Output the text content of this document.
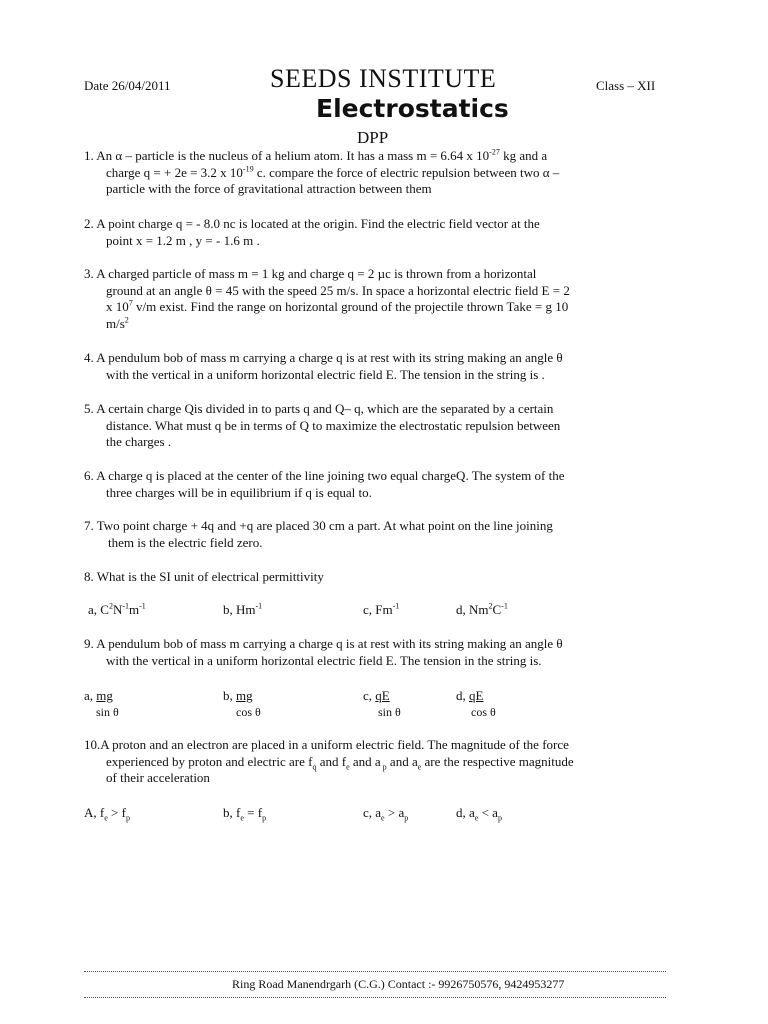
Date 26/04/2011	SEEDS INSTITUTE	Class – XII
Electrostatics
DPP
1. An α – particle is the nucleus of a helium atom. It has a mass m = 6.64 x $10^{-27}$ kg and a
charge q = + 2e = 3.2 x $10^{-19}$ c. compare the force of electric repulsion between two α –
particle with the force of gravitational attraction between them
2. A point charge q = - 8.0 nc is located at the origin. Find the electric field vector at the
point x = 1.2 m , y = - 1.6 m .
3. A charged particle of mass m = 1 kg and charge q = 2 µc is thrown from a horizontal
ground at an angle θ = 45 with the speed 25 m/s. In space a horizontal electric field E = 2
x $10^7$ v/m exist. Find the range on horizontal ground of the projectile thrown Take = g 10
$m/s^2$
4. A pendulum bob of mass m carrying a charge q is at rest with its string making an angle θ
with the vertical in a uniform horizontal electric field E. The tension in the string is .
5. A certain charge Qis divided in to parts q and Q– q, which are the separated by a certain
distance. What must q be in terms of Q to maximize the electrostatic repulsion between
the charges .
6. A charge q is placed at the center of the line joining two equal chargeQ. The system of the
three charges will be in equilibrium if q is equal to.
7. Two point charge + 4q and +q are placed 30 cm a part. At what point on the line joining
them is the electric field zero.
8. What is the SI unit of electrical permittivity
a, $C^2N^{-1}m^{-1}$	b, $Hm^{-1}$	c, $Fm^{-1}$	d, $Nm^2C^{-1}$
9. A pendulum bob of mass m carrying a charge q is at rest with its string making an angle θ
with the vertical in a uniform horizontal electric field E. The tension in the string is.
a, mg
sin θ
b, mg
cos θ
c, qE
sin θ
d, qE
cos θ
10.A proton and an electron are placed in a uniform electric field. The magnitude of the force
experienced by proton and electric are $f_q$ and $f_e$ and a $_p$ and $a_e$ are the respective magnitude
of their acceleration
A, $f_e > f_p$	b, $f_e = f_p$	c, $a_e > a_p$	d, $a_e < a_p$
Ring Road Manendrgarh (C.G.) Contact :- 9926750576, 9424953277
